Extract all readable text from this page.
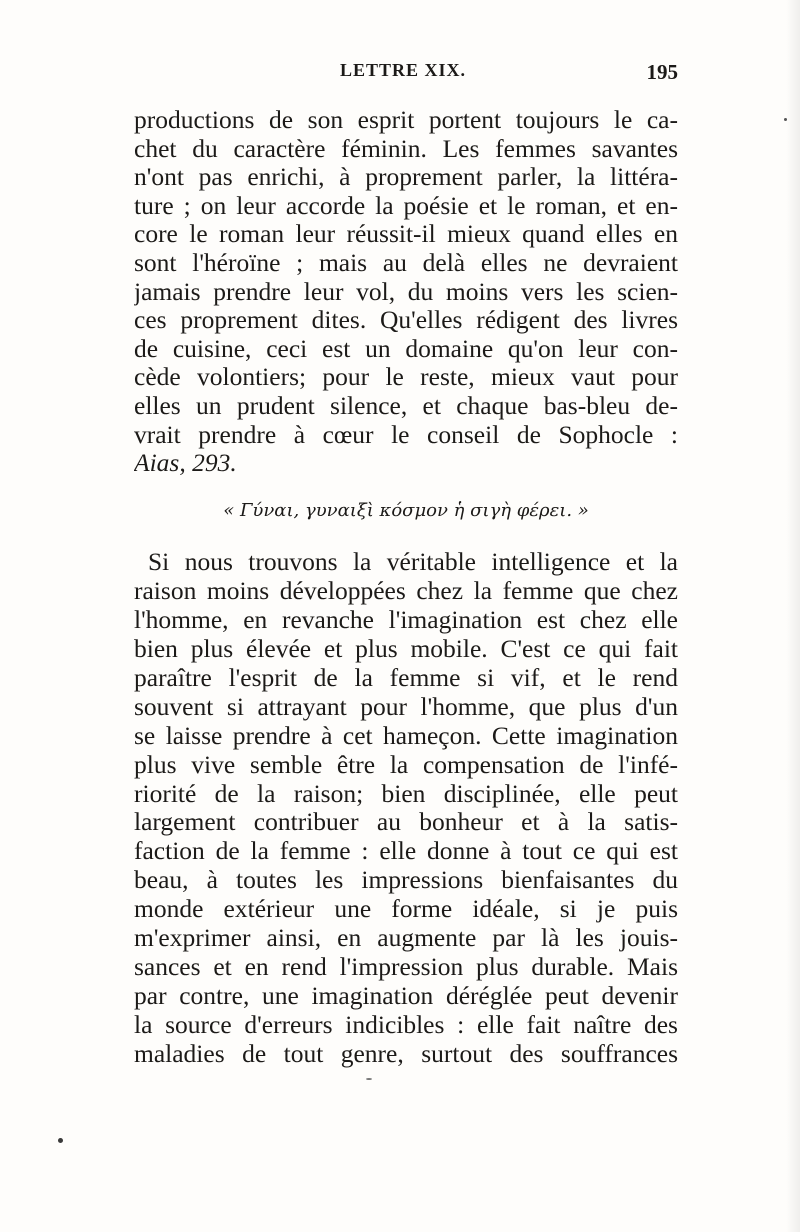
LETTRE XIX.	195
productions de son esprit portent toujours le ca-
chet du caractère féminin. Les femmes savantes
n'ont pas enrichi, à proprement parler, la littéra-
ture ; on leur accorde la poésie et le roman, et en-
core le roman leur réussit-il mieux quand elles en
sont l'héroïne ; mais au delà elles ne devraient
jamais prendre leur vol, du moins vers les scien-
ces proprement dites. Qu'elles rédigent des livres
de cuisine, ceci est un domaine qu'on leur con-
cède volontiers; pour le reste, mieux vaut pour
elles un prudent silence, et chaque bas-bleu de-
vrait prendre à cœur le conseil de Sophocle :
Aias, 293.
« Γύναι, γυναιξὶ κόσμον ἡ σιγὴ φέρει. »
Si nous trouvons la véritable intelligence et la
raison moins développées chez la femme que chez
l'homme, en revanche l'imagination est chez elle
bien plus élevée et plus mobile. C'est ce qui fait
paraître l'esprit de la femme si vif, et le rend
souvent si attrayant pour l'homme, que plus d'un
se laisse prendre à cet hameçon. Cette imagination
plus vive semble être la compensation de l'infé-
riorité de la raison; bien disciplinée, elle peut
largement contribuer au bonheur et à la satis-
faction de la femme : elle donne à tout ce qui est
beau, à toutes les impressions bienfaisantes du
monde extérieur une forme idéale, si je puis
m'exprimer ainsi, en augmente par là les jouis-
sances et en rend l'impression plus durable. Mais
par contre, une imagination déréglée peut devenir
la source d'erreurs indicibles : elle fait naître des
maladies de tout genre, surtout des souffrances
